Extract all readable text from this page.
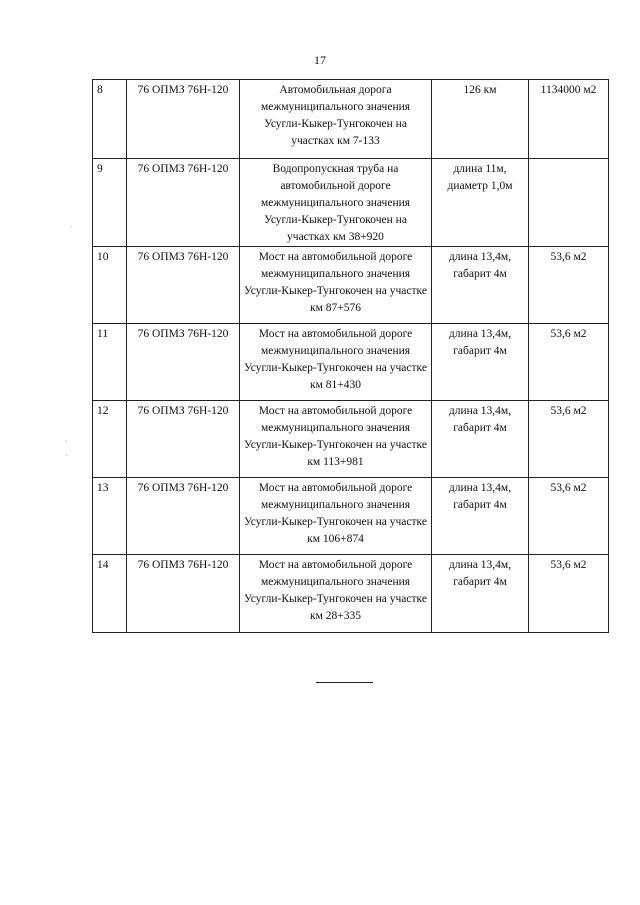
17
8	76 ОПМЗ 76Н-120	Автомобильная дорога межмуниципального значения Усугли-Кыкер-Тунгокочен на участках км 7-133	126 км	1134000 м2
9	76 ОПМЗ 76Н-120	Водопропускная труба на автомобильной дороге межмуниципального значения Усугли-Кыкер-Тунгокочен на участках км 38+920	длина 11м, диаметр 1,0м	
10	76 ОПМЗ 76Н-120	Мост на автомобильной дороге межмуниципального значения Усугли-Кыкер-Тунгокочен на участке км 87+576	длина 13,4м, габарит 4м	53,6 м2
11	76 ОПМЗ 76Н-120	Мост на автомобильной дороге межмуниципального значения Усугли-Кыкер-Тунгокочен на участке км 81+430	длина 13,4м, габарит 4м	53,6 м2
12	76 ОПМЗ 76Н-120	Мост на автомобильной дороге межмуниципального значения Усугли-Кыкер-Тунгокочен на участке км 113+981	длина 13,4м, габарит 4м	53,6 м2
13	76 ОПМЗ 76Н-120	Мост на автомобильной дороге межмуниципального значения Усугли-Кыкер-Тунгокочен на участке км 106+874	длина 13,4м, габарит 4м	53,6 м2
14	76 ОПМЗ 76Н-120	Мост на автомобильной дороге межмуниципального значения Усугли-Кыкер-Тунгокочен на участке км 28+335	длина 13,4м, габарит 4м	53,6 м2
